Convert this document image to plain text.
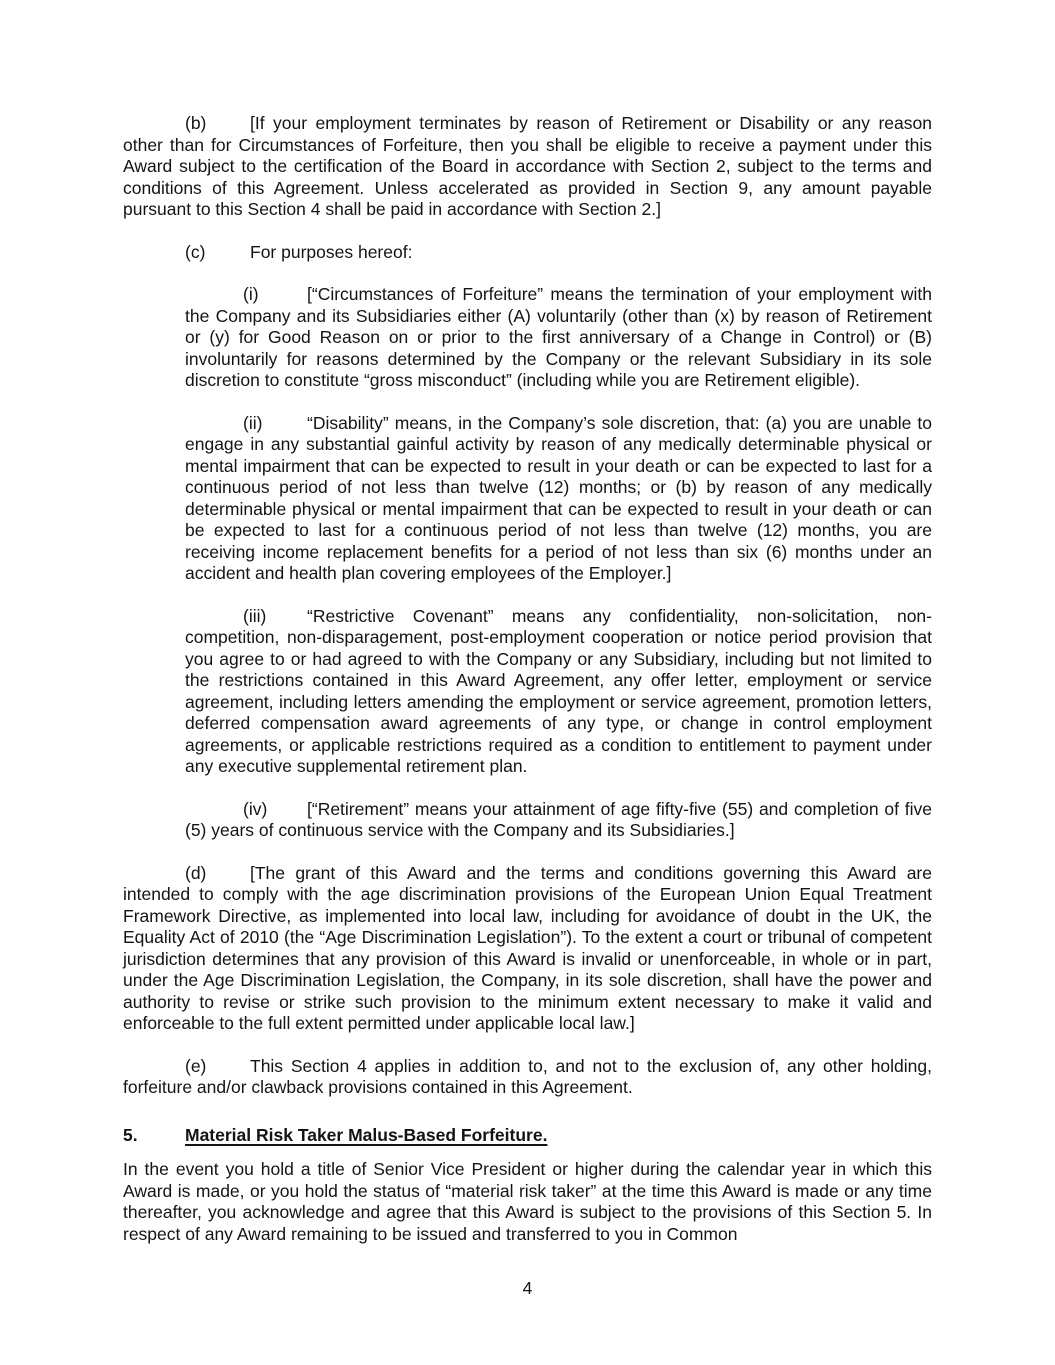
(b) [If your employment terminates by reason of Retirement or Disability or any reason other than for Circumstances of Forfeiture, then you shall be eligible to receive a payment under this Award subject to the certification of the Board in accordance with Section 2, subject to the terms and conditions of this Agreement. Unless accelerated as provided in Section 9, any amount payable pursuant to this Section 4 shall be paid in accordance with Section 2.]

(c)	For purposes hereof:

(i)	[“Circumstances of Forfeiture” means the termination of your employment with the Company and its Subsidiaries either (A) voluntarily (other than (x) by reason of Retirement or (y) for Good Reason on or prior to the first anniversary of a Change in Control) or (B) involuntarily for reasons determined by the Company or the relevant Subsidiary in its sole discretion to constitute “gross misconduct” (including while you are Retirement eligible).

(ii)	“Disability” means, in the Company’s sole discretion, that: (a) you are unable to engage in any substantial gainful activity by reason of any medically determinable physical or mental impairment that can be expected to result in your death or can be expected to last for a continuous period of not less than twelve (12) months; or (b) by reason of any medically determinable physical or mental impairment that can be expected to result in your death or can be expected to last for a continuous period of not less than twelve (12) months, you are receiving income replacement benefits for a period of not less than six (6) months under an accident and health plan covering employees of the Employer.]

(iii) “Restrictive Covenant” means any confidentiality, non-solicitation, non-competition, non-disparagement, post-employment cooperation or notice period provision that you agree to or had agreed to with the Company or any Subsidiary, including but not limited to the restrictions contained in this Award Agreement, any offer letter, employment or service agreement, including letters amending the employment or service agreement, promotion letters, deferred compensation award agreements of any type, or change in control employment agreements, or applicable restrictions required as a condition to entitlement to payment under any executive supplemental retirement plan.

(iv) [“Retirement” means your attainment of age fifty-five (55) and completion of five (5) years of continuous service with the Company and its Subsidiaries.]

(d) [The grant of this Award and the terms and conditions governing this Award are intended to comply with the age discrimination provisions of the European Union Equal Treatment Framework Directive, as implemented into local law, including for avoidance of doubt in the UK, the Equality Act of 2010 (the “Age Discrimination Legislation”). To the extent a court or tribunal of competent jurisdiction determines that any provision of this Award is invalid or unenforceable, in whole or in part, under the Age Discrimination Legislation, the Company, in its sole discretion, shall have the power and authority to revise or strike such provision to the minimum extent necessary to make it valid and enforceable to the full extent permitted under applicable local law.]

(e) This Section 4 applies in addition to, and not to the exclusion of, any other holding, forfeiture and/or clawback provisions contained in this Agreement.

5.	Material Risk Taker Malus-Based Forfeiture.

In the event you hold a title of Senior Vice President or higher during the calendar year in which this Award is made, or you hold the status of “material risk taker” at the time this Award is made or any time thereafter, you acknowledge and agree that this Award is subject to the provisions of this Section 5. In respect of any Award remaining to be issued and transferred to you in Common

4
